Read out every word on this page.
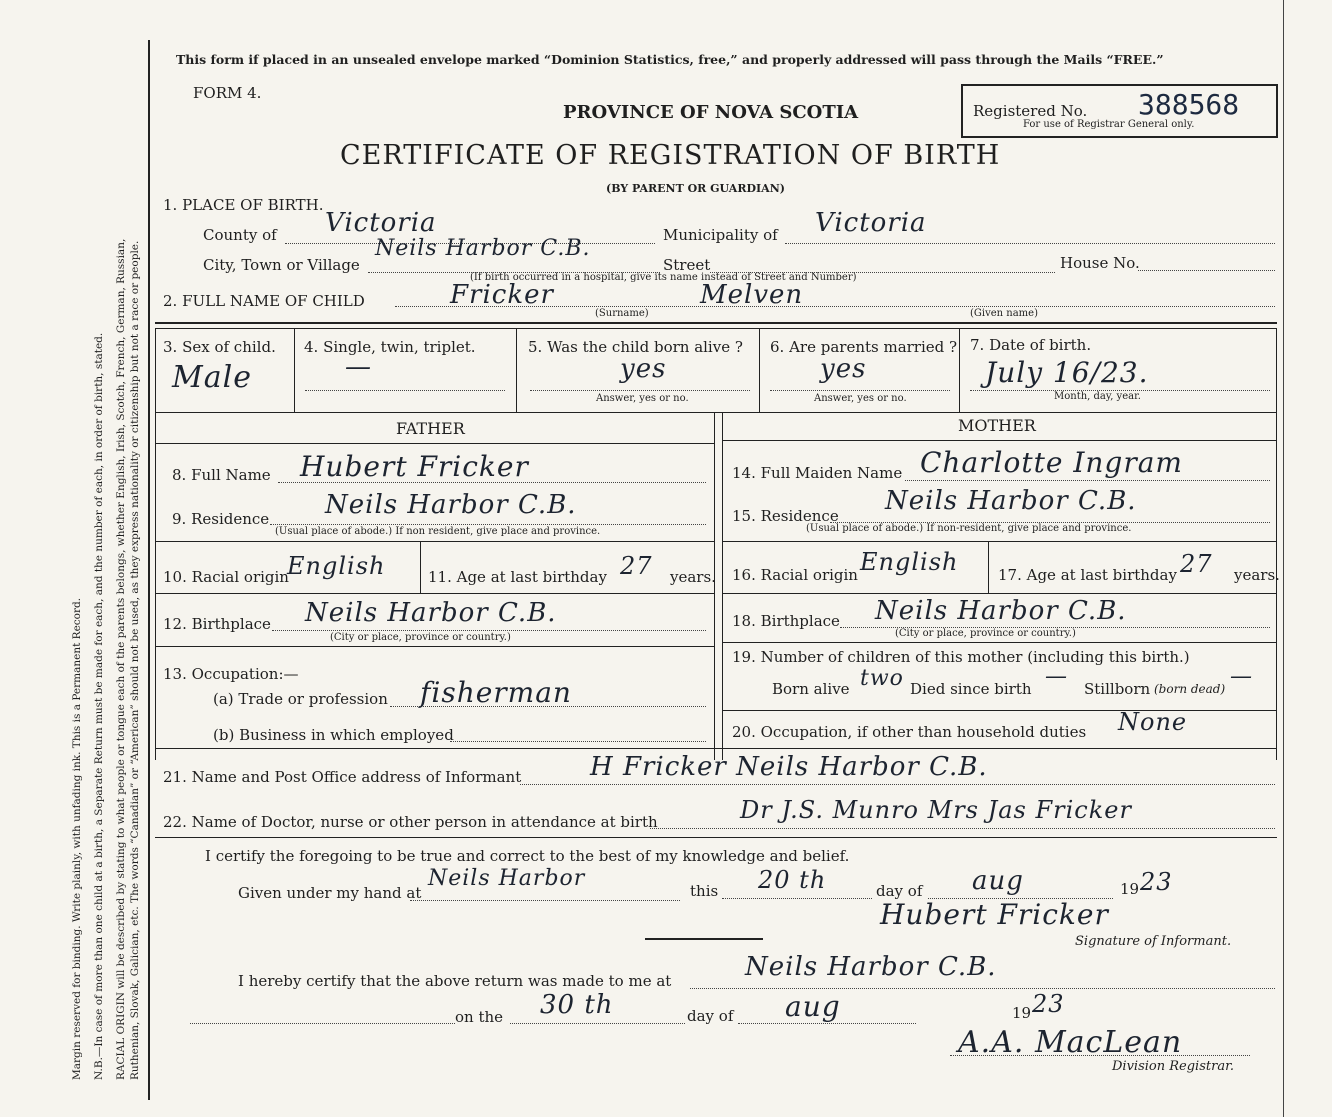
Margin reserved for binding. Write plainly, with unfading ink. This is a Permanent Record. N.B.—In case of more than one child at a birth, a Separate Return must be made for each, and the number of each, in order of birth, stated. RACIAL ORIGIN will be described by stating to what people or tongue each of the parents belongs, whether English, Irish, Scotch, French, German, Russian, Ruthenian, Slovak, Galician, etc. The words “Canadian” or “American” should not be used, as they express nationality or citizenship but not a race or people.
This form if placed in an unsealed envelope marked “Dominion Statistics, free,” and properly addressed will pass through the Mails “FREE.”
FORM 4.
PROVINCE OF NOVA SCOTIA
CERTIFICATE OF REGISTRATION OF BIRTH
(BY PARENT OR GUARDIAN)
Registered No. 388568
For use of Registrar General only.
1. PLACE OF BIRTH.
County of Victoria	Municipality of Victoria
City, Town or Village
Neils Harbor C.B.
Street	House No.
(If birth occurred in a hospital, give its name instead of Street and Number)
2. FULL NAME OF CHILD	Fricker	Melven
(Surname)	(Given name)
3. Sex of child.
Male
4. Single, twin, triplet.
—
5. Was the child born alive ?
yes
Answer, yes or no.
6. Are parents married ?
yes
Answer, yes or no.
7. Date of birth.
July 16/23.
Month, day, year.
FATHER	MOTHER
8. Full Name Hubert Fricker
9. Residence Neils Harbor C.B.
(Usual place of abode.) If non resident, give place and province.
10. Racial origin
English	11. Age at last birthday 27 years.
12. Birthplace Neils Harbor C.B.
(City or place, province or country.)
13. Occupation:—
(a) Trade or profession fisherman
(b) Business in which employed
14. Full Maiden Name Charlotte Ingram
15. Residence Neils Harbor C.B.
(Usual place of abode.) If non-resident, give place and province.
16. Racial origin English	17. Age at last birthday 27 years.
18. Birthplace Neils Harbor C.B.
(City or place, province or country.)
19. Number of children of this mother (including this birth.)
Born alive two Died since birth — Stillborn (born dead) —
20. Occupation, if other than household duties None
21. Name and Post Office address of Informant	H Fricker Neils Harbor C.B.
22. Name of Doctor, nurse or other person in attendance at birth	Dr J.S. Munro Mrs Jas Fricker
I certify the foregoing to be true and correct to the best of my knowledge and belief.
Given under my hand at
Neils Harbor	this 20 th	day of aug	19 23
Hubert Fricker
Signature of Informant.
I hereby certify that the above return was made to me at	Neils Harbor C.B.
on the 30 th	day of aug	19 23
A.A. MacLean
Division Registrar.
